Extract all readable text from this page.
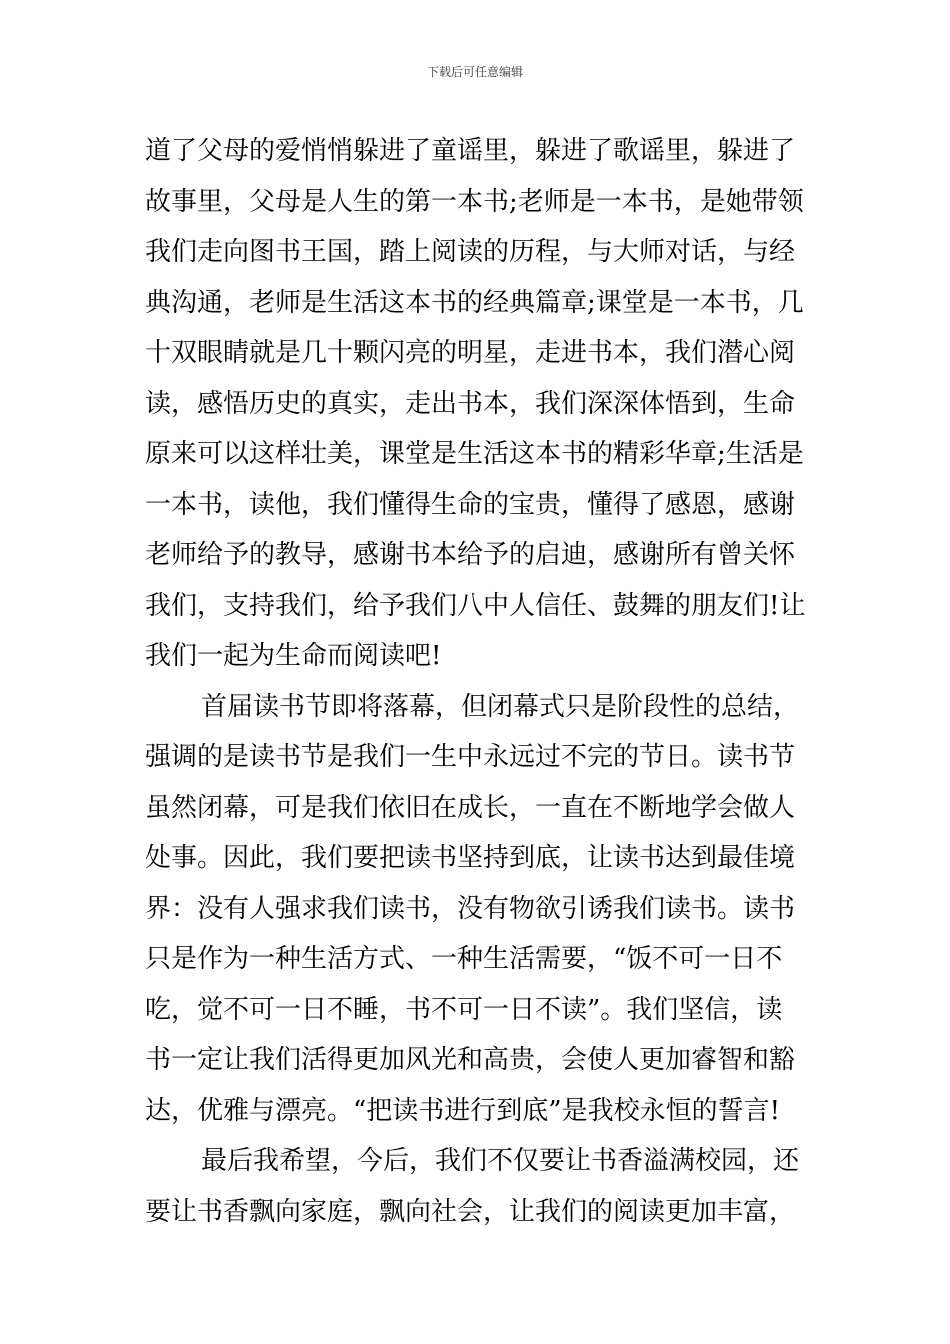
下载后可任意编辑
道了父母的爱悄悄躲进了童谣里，躲进了歌谣里，躲进了
故事里，父母是人生的第一本书;老师是一本书，是她带领
我们走向图书王国，踏上阅读的历程，与大师对话，与经
典沟通，老师是生活这本书的经典篇章;课堂是一本书，几
十双眼睛就是几十颗闪亮的明星，走进书本，我们潜心阅
读，感悟历史的真实，走出书本，我们深深体悟到，生命
原来可以这样壮美，课堂是生活这本书的精彩华章;生活是
一本书，读他，我们懂得生命的宝贵，懂得了感恩，感谢
老师给予的教导，感谢书本给予的启迪，感谢所有曾关怀
我们，支持我们，给予我们八中人信任、鼓舞的朋友们!让
我们一起为生命而阅读吧!
首届读书节即将落幕，但闭幕式只是阶段性的总结，
强调的是读书节是我们一生中永远过不完的节日。读书节
虽然闭幕，可是我们依旧在成长，一直在不断地学会做人
处事。因此，我们要把读书坚持到底，让读书达到最佳境
界：没有人强求我们读书，没有物欲引诱我们读书。读书
只是作为一种生活方式、一种生活需要，“饭不可一日不
吃，觉不可一日不睡，书不可一日不读”。我们坚信，读
书一定让我们活得更加风光和高贵，会使人更加睿智和豁
达，优雅与漂亮。“把读书进行到底”是我校永恒的誓言!
最后我希望，今后，我们不仅要让书香溢满校园，还
要让书香飘向家庭，飘向社会，让我们的阅读更加丰富，
